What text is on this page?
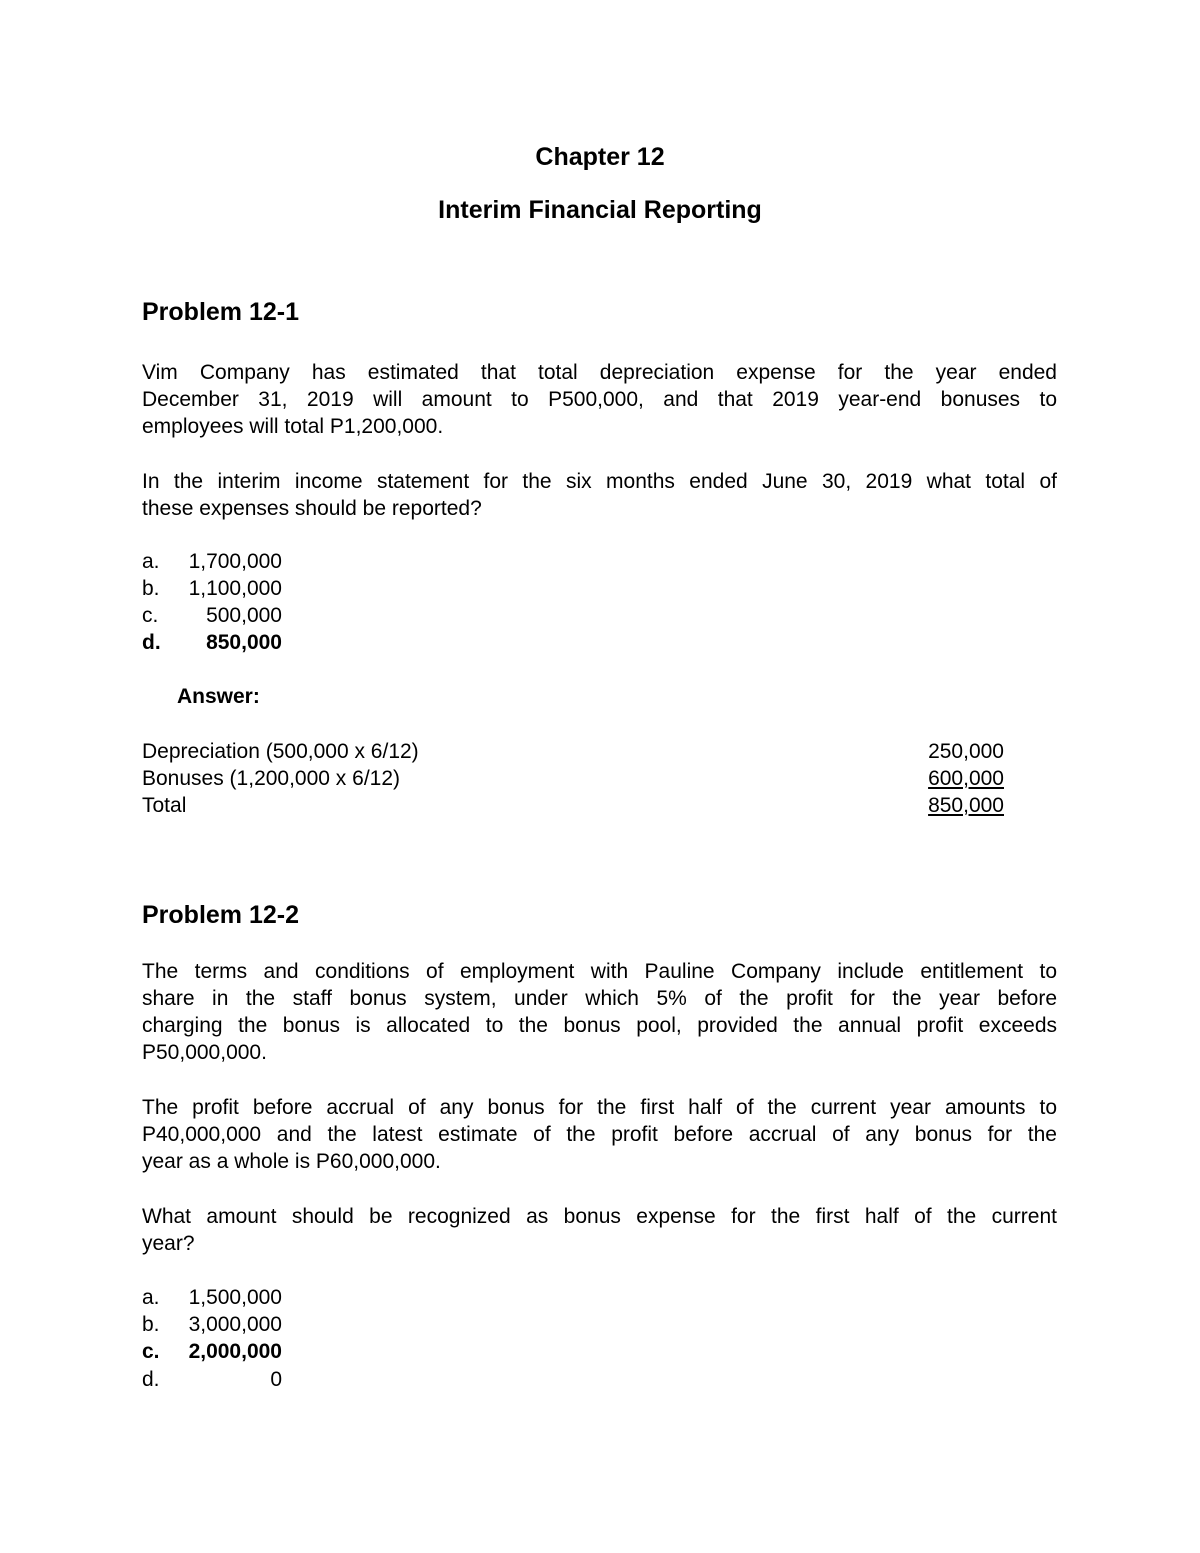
Chapter 12
Interim Financial Reporting
Problem 12-1
Vim Company has estimated that total depreciation expense for the year ended
December 31, 2019 will amount to P500,000, and that 2019 year-end bonuses to
employees will total P1,200,000.
In the interim income statement for the six months ended June 30, 2019 what total of
these expenses should be reported?
a. 1,700,000
b. 1,100,000
c. 500,000
d. 850,000
Answer:
Depreciation (500,000 x 6/12)	250,000
Bonuses (1,200,000 x 6/12)	600,000
Total	850,000
Problem 12-2
The terms and conditions of employment with Pauline Company include entitlement to
share in the staff bonus system, under which 5% of the profit for the year before
charging the bonus is allocated to the bonus pool, provided the annual profit exceeds
P50,000,000.
The profit before accrual of any bonus for the first half of the current year amounts to
P40,000,000 and the latest estimate of the profit before accrual of any bonus for the
year as a whole is P60,000,000.
What amount should be recognized as bonus expense for the first half of the current
year?
a. 1,500,000
b. 3,000,000
c. 2,000,000
d.	0
